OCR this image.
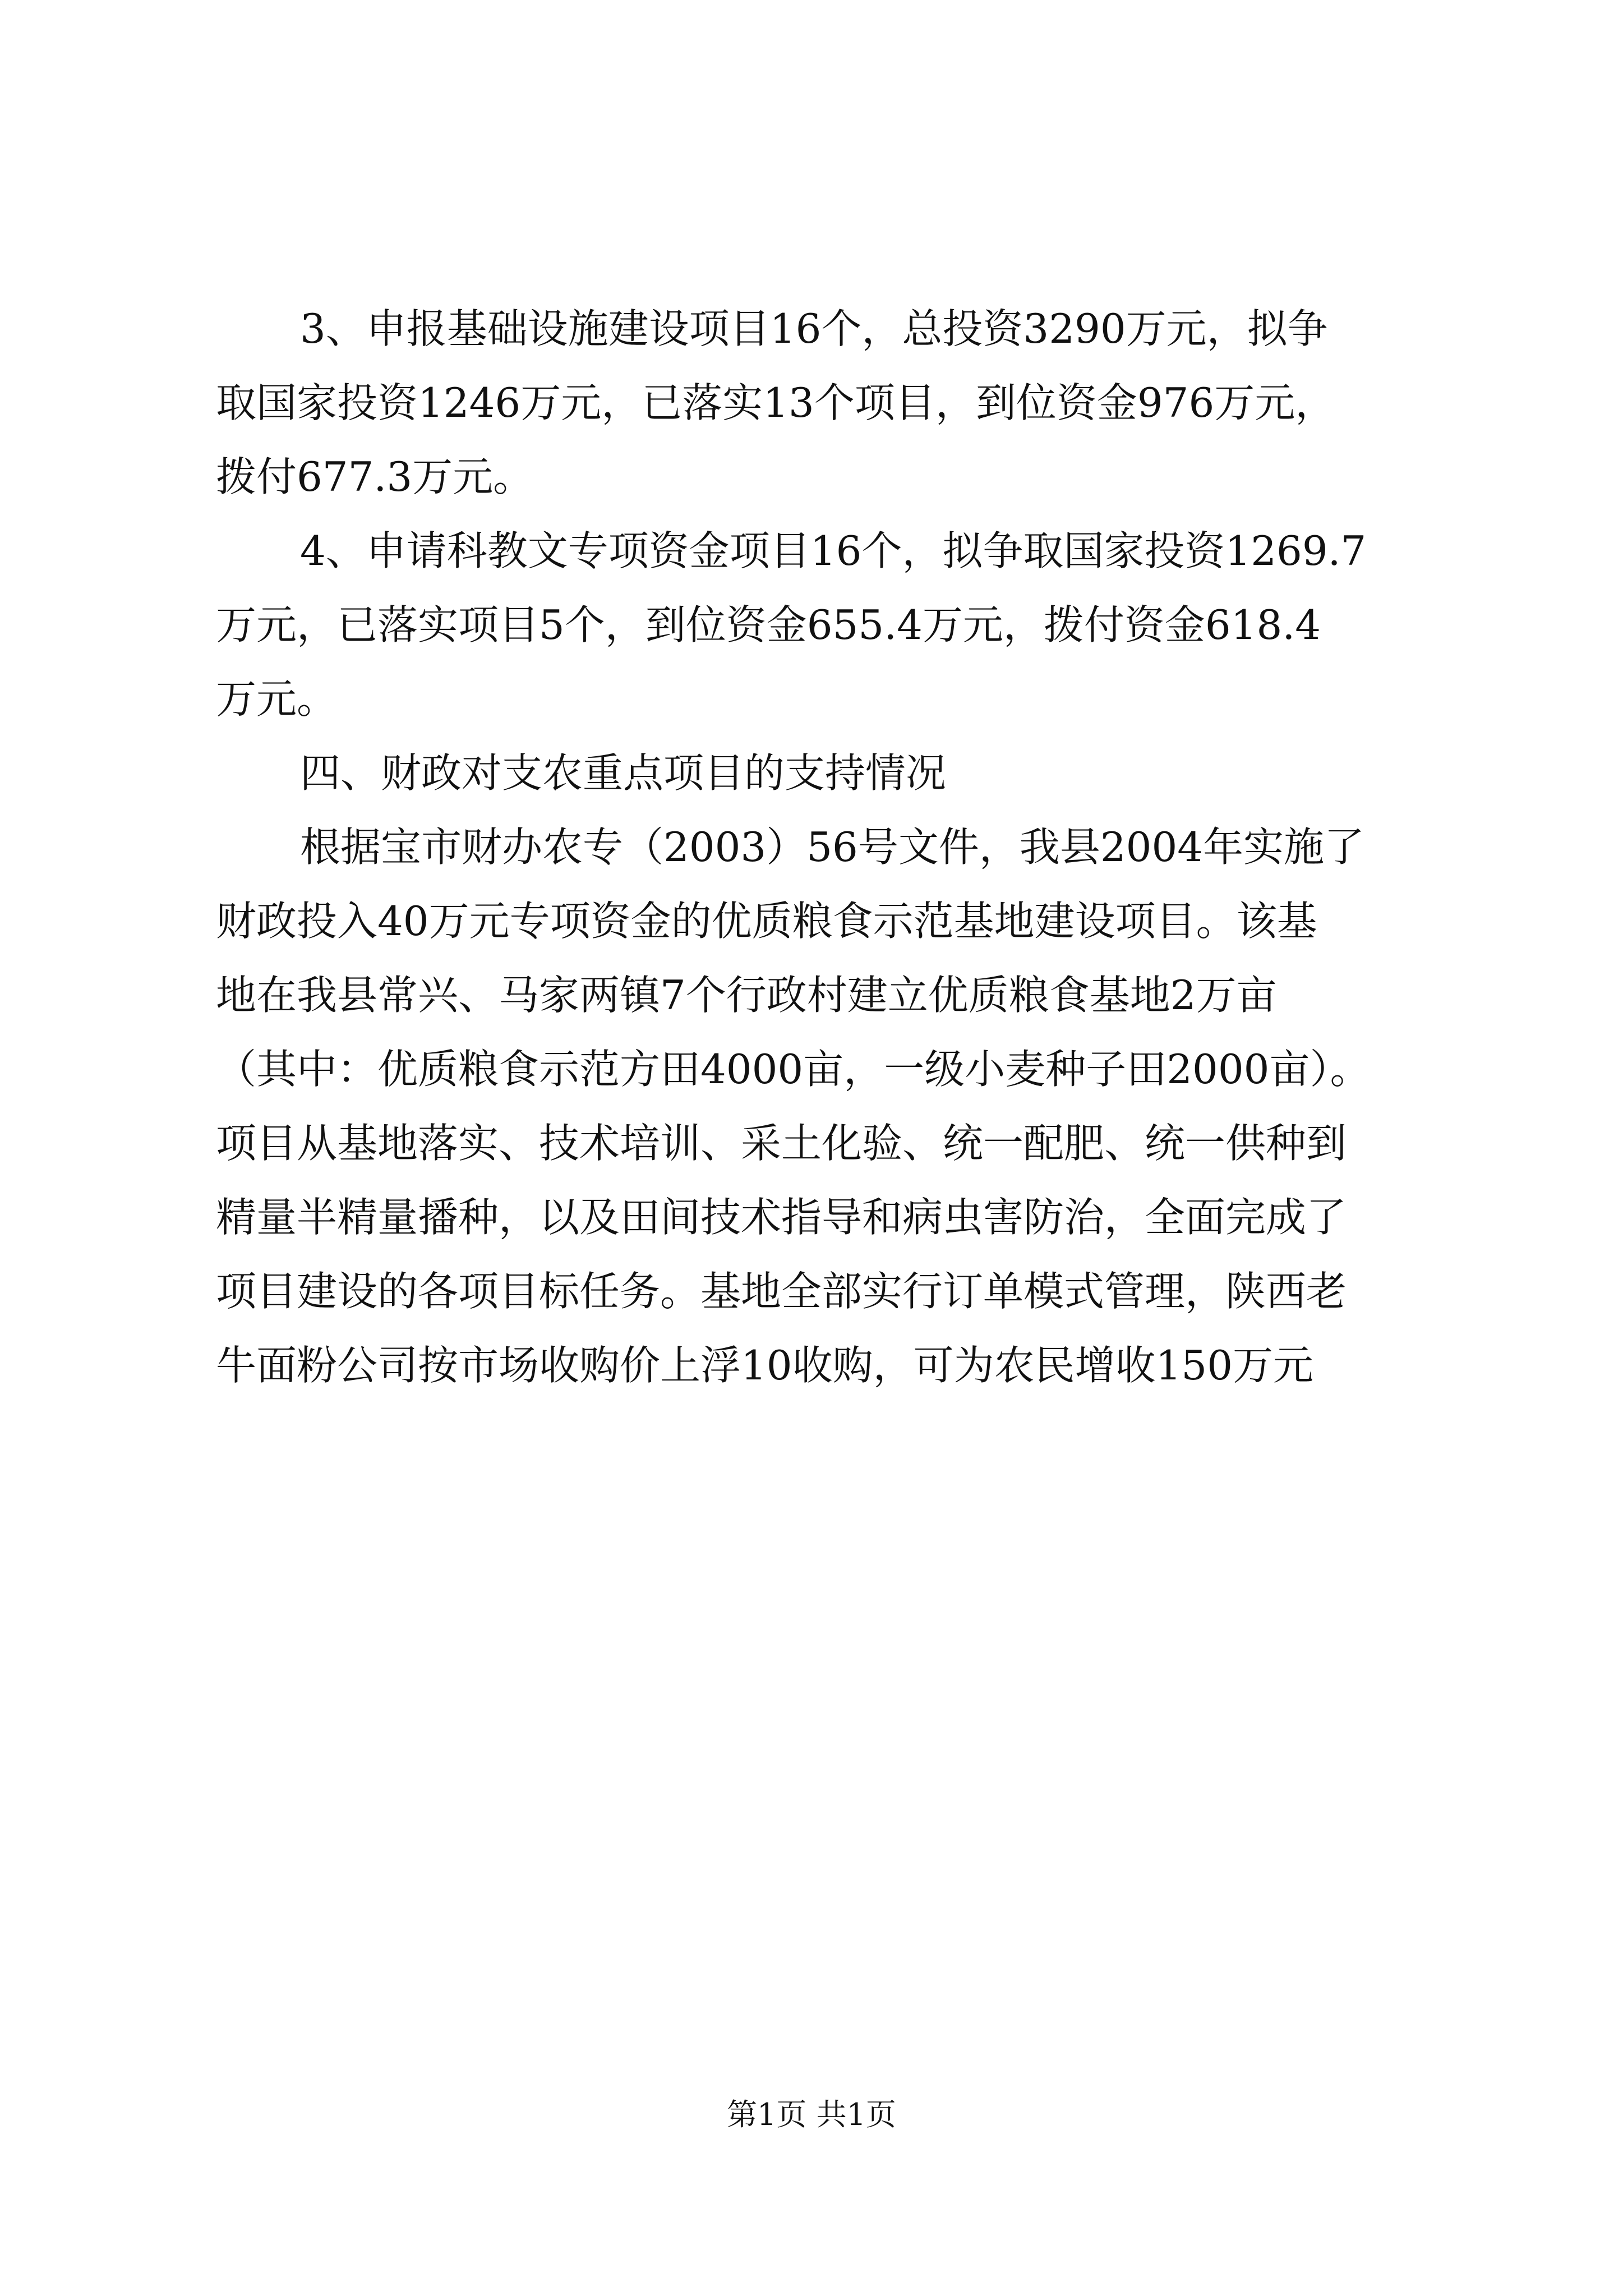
3、申报基础设施建设项目16个，总投资3290万元，拟争
取国家投资1246万元，已落实13个项目，到位资金976万元，
拨付677.3万元。
4、申请科教文专项资金项目16个，拟争取国家投资1269.7
万元，已落实项目5个，到位资金655.4万元，拨付资金618.4
万元。
四、财政对支农重点项目的支持情况
根据宝市财办农专（2003）56号文件，我县2004年实施了
财政投入40万元专项资金的优质粮食示范基地建设项目。该基
地在我县常兴、马家两镇7个行政村建立优质粮食基地2万亩
（其中：优质粮食示范方田4000亩，一级小麦种子田2000亩）。
项目从基地落实、技术培训、采土化验、统一配肥、统一供种到
精量半精量播种，以及田间技术指导和病虫害防治，全面完成了
项目建设的各项目标任务。基地全部实行订单模式管理，陕西老
牛面粉公司按市场收购价上浮10收购，可为农民增收150万元
第1页 共1页
